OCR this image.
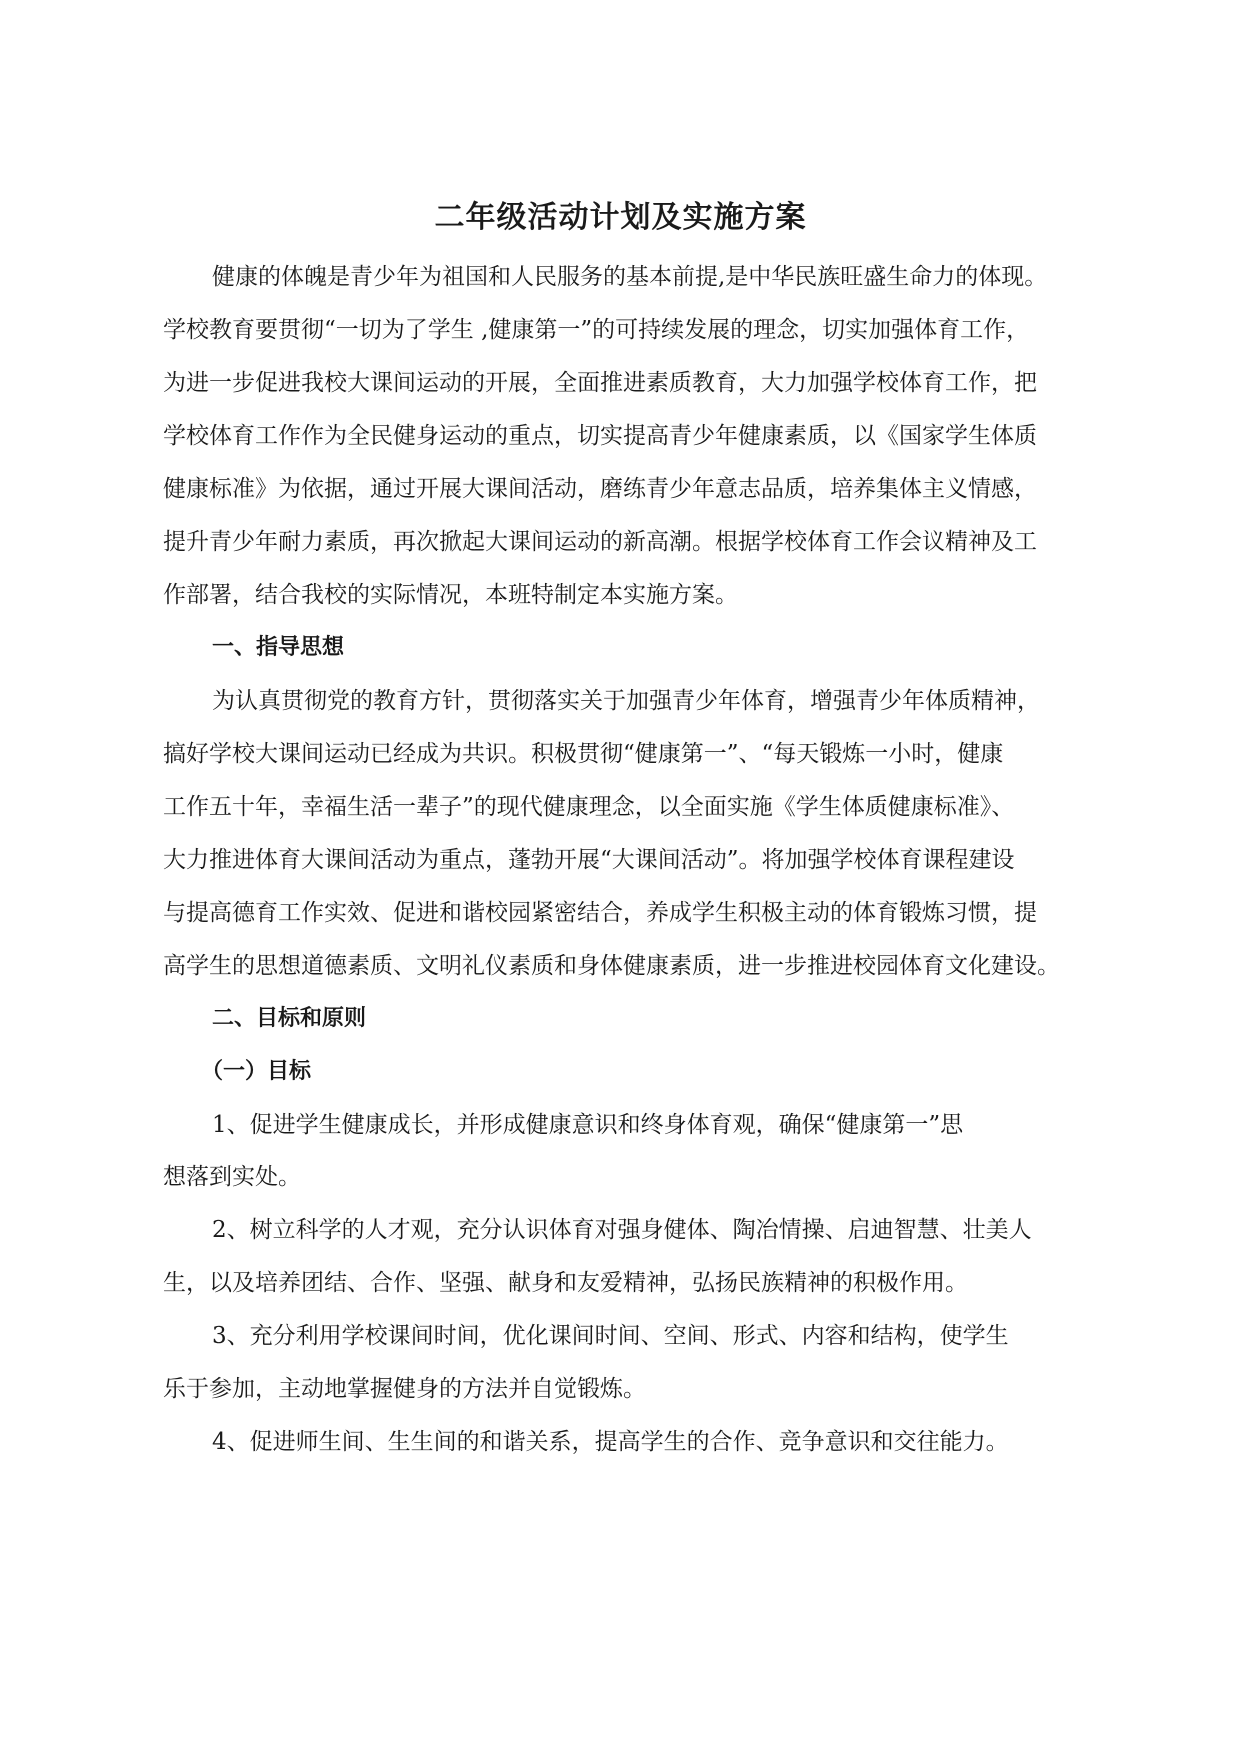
二年级活动计划及实施方案
健康的体魄是青少年为祖国和人民服务的基本前提,是中华民族旺盛生命力的体现。
学校教育要贯彻“一切为了学生 ,健康第一”的可持续发展的理念，切实加强体育工作，
为进一步促进我校大课间运动的开展，全面推进素质教育，大力加强学校体育工作，把
学校体育工作作为全民健身运动的重点，切实提高青少年健康素质，以《国家学生体质
健康标准》为依据，通过开展大课间活动，磨练青少年意志品质，培养集体主义情感，
提升青少年耐力素质，再次掀起大课间运动的新高潮。根据学校体育工作会议精神及工
作部署，结合我校的实际情况，本班特制定本实施方案。
一、指导思想
为认真贯彻党的教育方针，贯彻落实关于加强青少年体育，增强青少年体质精神，
搞好学校大课间运动已经成为共识。积极贯彻“健康第一”、“每天锻炼一小时，健康
工作五十年，幸福生活一辈子”的现代健康理念，以全面实施《学生体质健康标准》、
大力推进体育大课间活动为重点，蓬勃开展“大课间活动”。将加强学校体育课程建设
与提高德育工作实效、促进和谐校园紧密结合，养成学生积极主动的体育锻炼习惯，提
高学生的思想道德素质、文明礼仪素质和身体健康素质，进一步推进校园体育文化建设。
二、目标和原则
（一）目标
1、促进学生健康成长，并形成健康意识和终身体育观，确保“健康第一”思
想落到实处。
2、树立科学的人才观，充分认识体育对强身健体、陶冶情操、启迪智慧、壮美人
生，以及培养团结、合作、坚强、献身和友爱精神，弘扬民族精神的积极作用。
3、充分利用学校课间时间，优化课间时间、空间、形式、内容和结构，使学生
乐于参加，主动地掌握健身的方法并自觉锻炼。
4、促进师生间、生生间的和谐关系，提高学生的合作、竞争意识和交往能力。
